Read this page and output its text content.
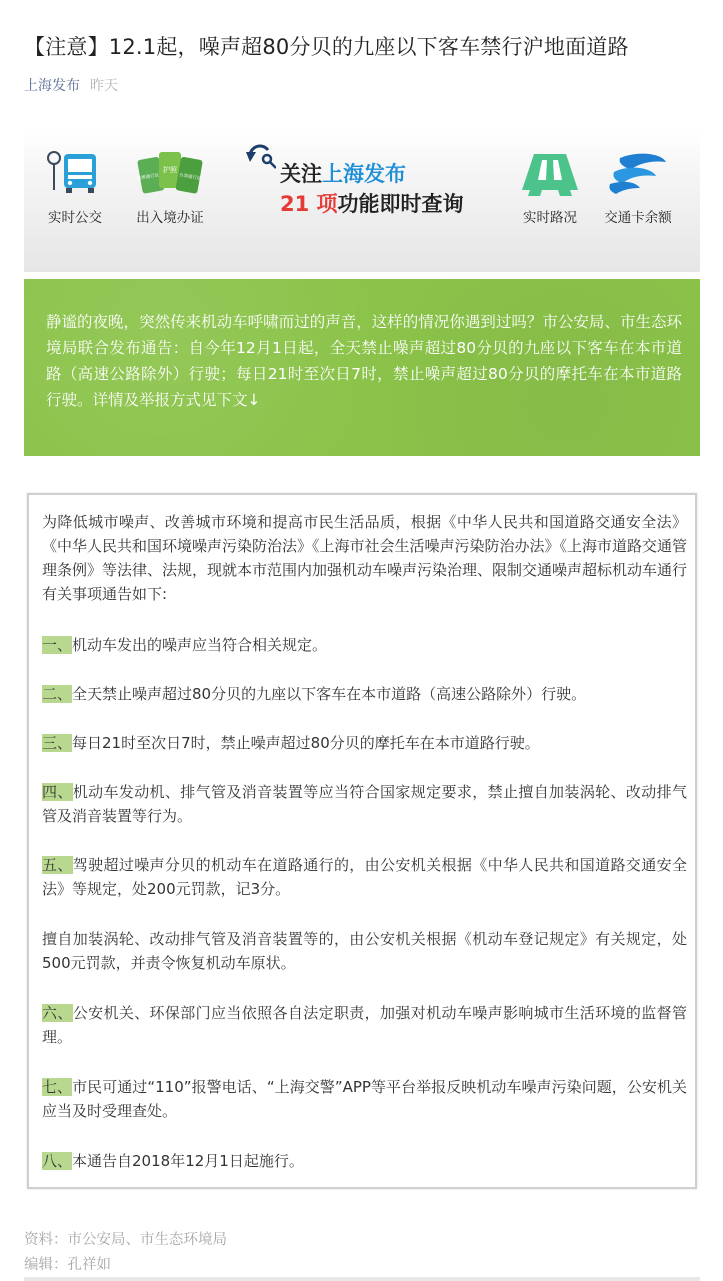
【注意】12.1起，噪声超80分贝的九座以下客车禁行沪地面道路
上海发布 昨天
实时公交
护照
港澳通行证	台湾通行证
出入境办证
关注上海发布
21 项功能即时查询
实时路况	交通卡余额

静谧的夜晚，突然传来机动车呼啸而过的声音，这样的情况你遇到过吗？市公安局、市生态环境局联合发布通告：自今年12月1日起，全天禁止噪声超过80分贝的九座以下客车在本市道路（高速公路除外）行驶；每日21时至次日7时，禁止噪声超过80分贝的摩托车在本市道路行驶。详情及举报方式见下文↓

为降低城市噪声、改善城市环境和提高市民生活品质，根据《中华人民共和国道路交通安全法》《中华人民共和国环境噪声污染防治法》《上海市社会生活噪声污染防治办法》《上海市道路交通管理条例》等法律、法规，现就本市范围内加强机动车噪声污染治理、限制交通噪声超标机动车通行有关事项通告如下:
一、机动车发出的噪声应当符合相关规定。
二、全天禁止噪声超过80分贝的九座以下客车在本市道路（高速公路除外）行驶。
三、每日21时至次日7时，禁止噪声超过80分贝的摩托车在本市道路行驶。
四、机动车发动机、排气管及消音装置等应当符合国家规定要求，禁止擅自加装涡轮、改动排气管及消音装置等行为。
五、驾驶超过噪声分贝的机动车在道路通行的，由公安机关根据《中华人民共和国道路交通安全法》等规定，处200元罚款，记3分。
擅自加装涡轮、改动排气管及消音装置等的，由公安机关根据《机动车登记规定》有关规定，处500元罚款，并责令恢复机动车原状。
六、公安机关、环保部门应当依照各自法定职责，加强对机动车噪声影响城市生活环境的监督管理。
七、市民可通过“110”报警电话、“上海交警”APP等平台举报反映机动车噪声污染问题，公安机关应当及时受理查处。
八、本通告自2018年12月1日起施行。
资料：市公安局、市生态环境局
编辑：孔祥如
